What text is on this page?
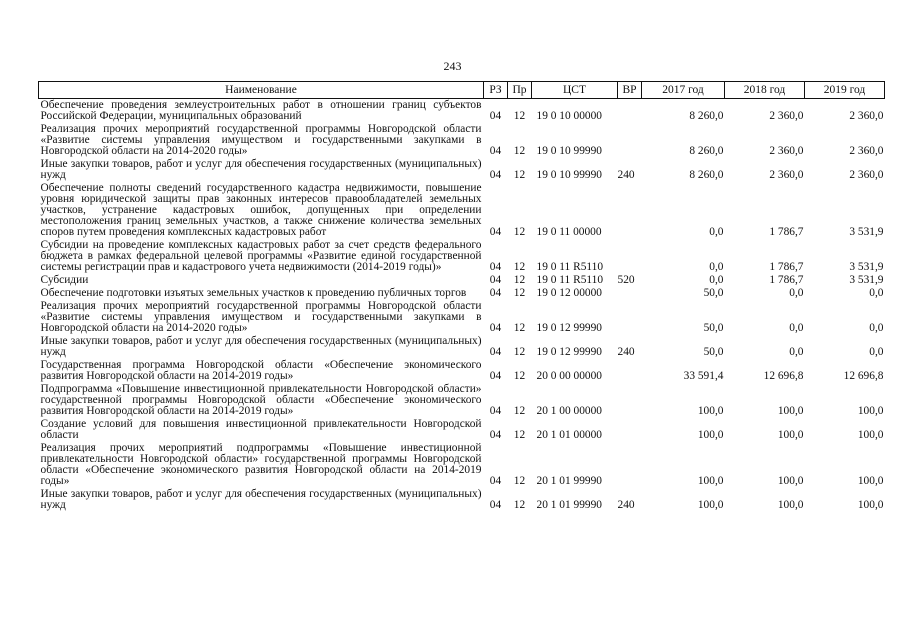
243
Наименование	РЗ	Пр	ЦСТ	ВР	2017 год	2018 год	2019 год
Обеспечение проведения землеустроительных работ в отношении границ субъектов Российской Федерации, муниципальных образований	04	12	19 0 10 00000		8 260,0	2 360,0	2 360,0
Реализация прочих мероприятий государственной программы Новгородской области «Развитие системы управления имуществом и государственными закупками в Новгородской области на 2014-2020 годы»	04	12	19 0 10 99990		8 260,0	2 360,0	2 360,0
Иные закупки товаров, работ и услуг для обеспечения государственных (муниципальных) нужд	04	12	19 0 10 99990	240	8 260,0	2 360,0	2 360,0
Обеспечение полноты сведений государственного кадастра недвижимости, повышение уровня юридической защиты прав законных интересов правообладателей земельных участков, устранение кадастровых ошибок, допущенных при определении местоположения границ земельных участков, а также снижение количества земельных споров путем проведения комплексных кадастровых работ	04	12	19 0 11 00000		0,0	1 786,7	3 531,9
Субсидии на проведение комплексных кадастровых работ за счет средств федерального бюджета в рамках федеральной целевой программы «Развитие единой государственной системы регистрации прав и кадастрового учета недвижимости (2014-2019 годы)»	04	12	19 0 11 R5110		0,0	1 786,7	3 531,9
Субсидии	04	12	19 0 11 R5110	520	0,0	1 786,7	3 531,9
Обеспечение подготовки изъятых земельных участков к проведению публичных торгов	04	12	19 0 12 00000		50,0	0,0	0,0
Реализация прочих мероприятий государственной программы Новгородской области «Развитие системы управления имуществом и государственными закупками в Новгородской области на 2014-2020 годы»	04	12	19 0 12 99990		50,0	0,0	0,0
Иные закупки товаров, работ и услуг для обеспечения государственных (муниципальных) нужд	04	12	19 0 12 99990	240	50,0	0,0	0,0
Государственная программа Новгородской области «Обеспечение экономического развития Новгородской области на 2014-2019 годы»	04	12	20 0 00 00000		33 591,4	12 696,8	12 696,8
Подпрограмма «Повышение инвестиционной привлекательности Новгородской области» государственной программы Новгородской области «Обеспечение экономического развития Новгородской области на 2014-2019 годы»	04	12	20 1 00 00000		100,0	100,0	100,0
Создание условий для повышения инвестиционной привлекательности Новгородской области	04	12	20 1 01 00000		100,0	100,0	100,0
Реализация прочих мероприятий подпрограммы «Повышение инвестиционной привлекательности Новгородской области» государственной программы Новгородской области «Обеспечение экономического развития Новгородской области на 2014-2019 годы»	04	12	20 1 01 99990		100,0	100,0	100,0
Иные закупки товаров, работ и услуг для обеспечения государственных (муниципальных) нужд	04	12	20 1 01 99990	240	100,0	100,0	100,0
